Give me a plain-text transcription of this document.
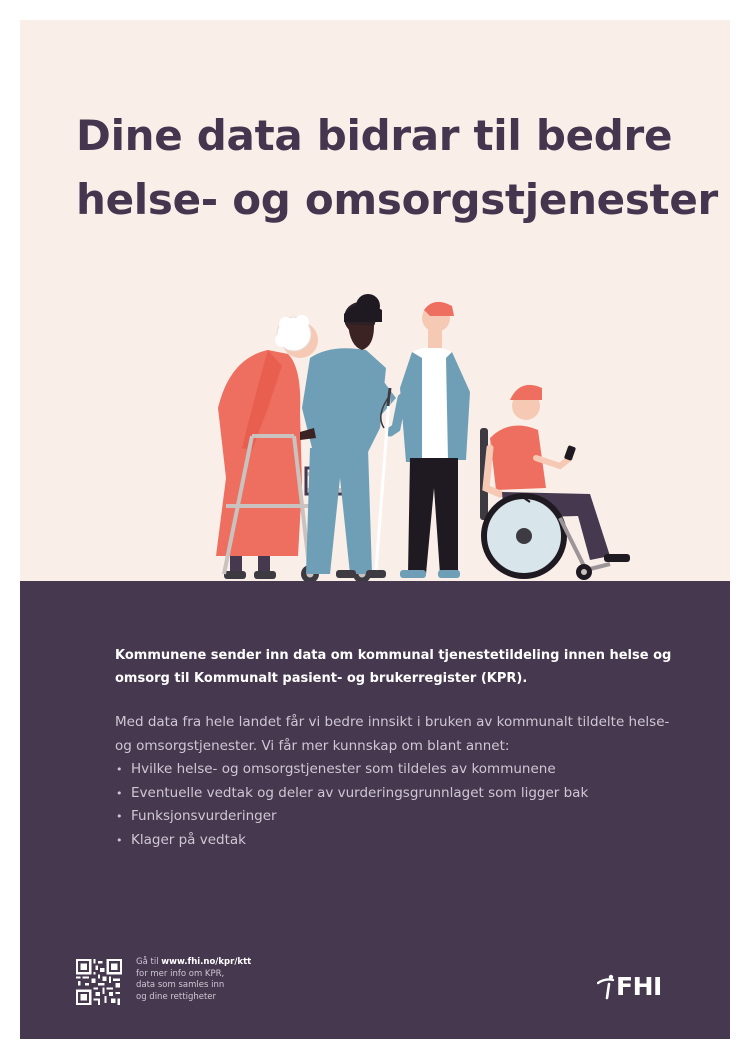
Dine data bidrar til bedre
helse- og omsorgstjenester

Kommunene sender inn data om kommunal tjenestetildeling innen helse og omsorg til Kommunalt pasient- og brukerregister (KPR).

Med data fra hele landet får vi bedre innsikt i bruken av kommunalt tildelte helse- og omsorgstjenester. Vi får mer kunnskap om blant annet:

• Hvilke helse- og omsorgstjenester som tildeles av kommunene
• Eventuelle vedtak og deler av vurderingsgrunnlaget som ligger bak
• Funksjonsvurderinger
• Klager på vedtak
Gå til www.fhi.no/kpr/ktt
for mer info om KPR,
data som samles inn
og dine rettigheter	FHI
